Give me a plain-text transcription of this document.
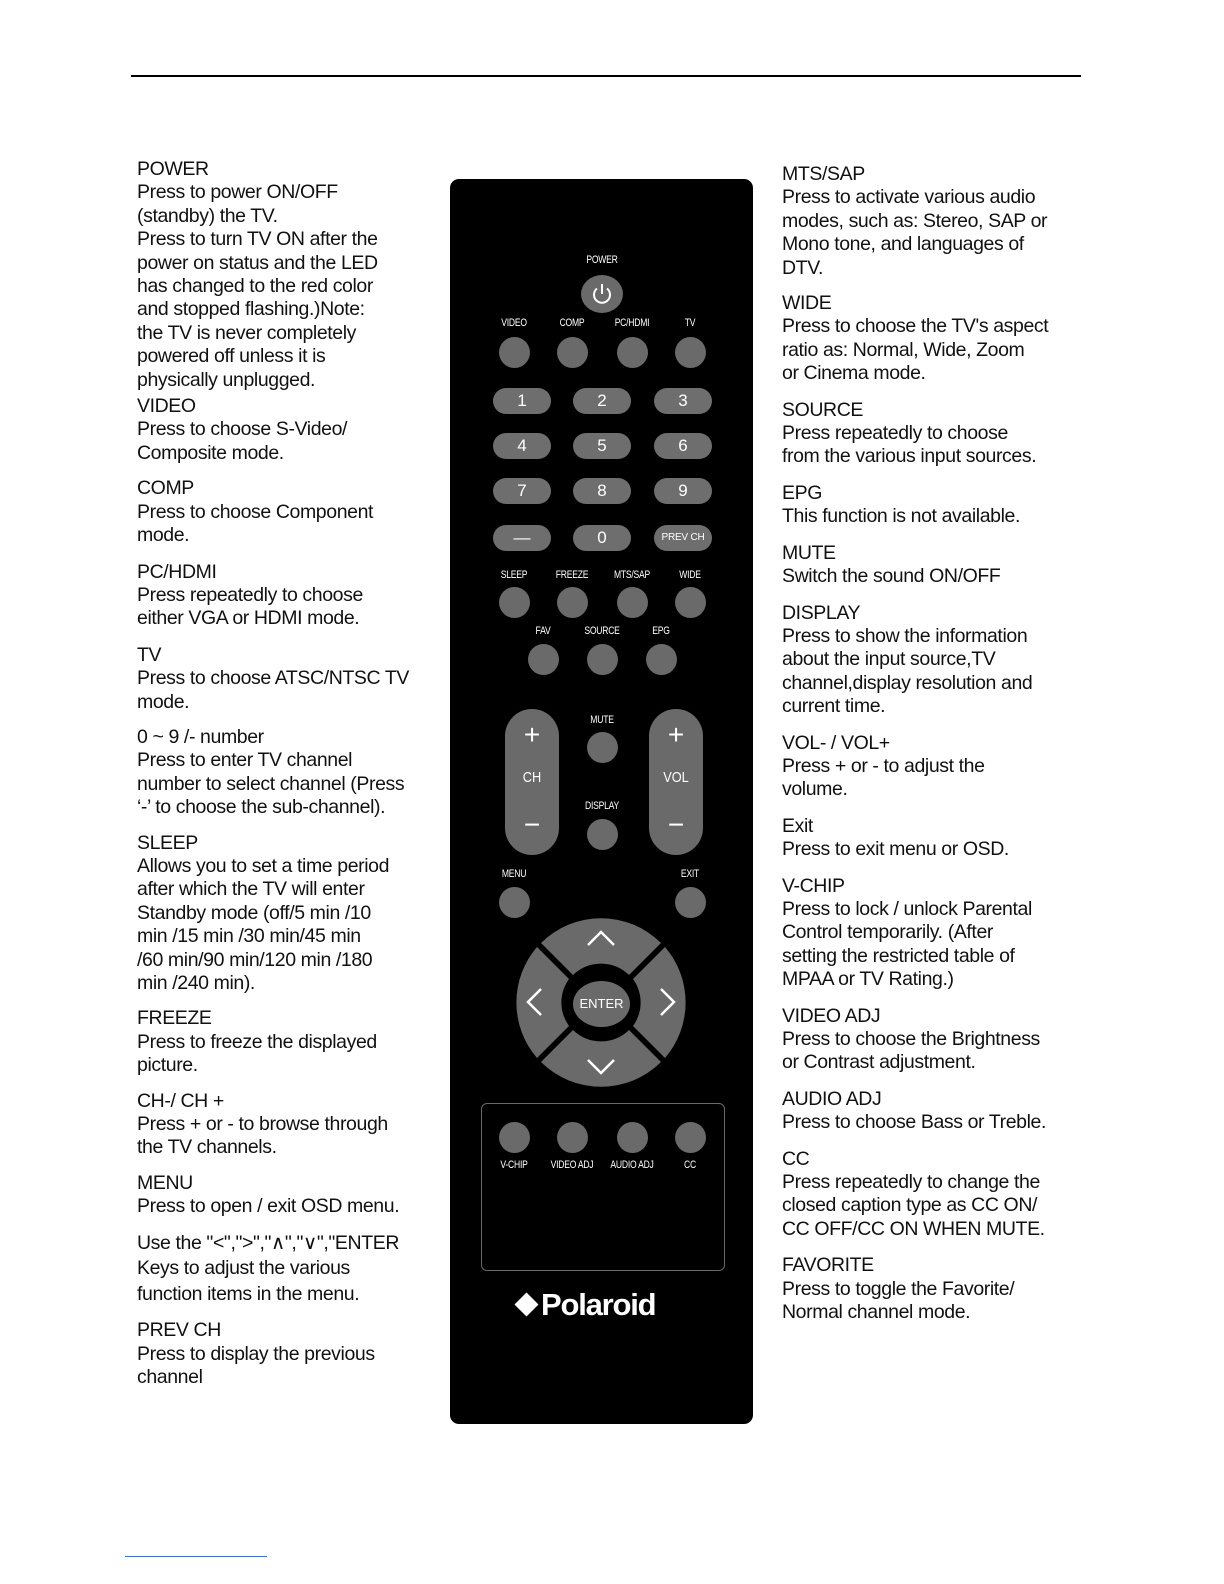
POWER
Press to power ON/OFF
(standby) the TV.
Press to turn TV ON after the
power on status and the LED
has changed to the red color
and stopped flashing.)Note:
the TV is never completely
powered off unless it is
physically unplugged.
VIDEO
Press to choose S-Video/
Composite mode.
COMP
Press to choose Component
mode.
PC/HDMI
Press repeatedly to choose
either VGA or HDMI mode.
TV
Press to choose ATSC/NTSC TV
mode.
0 ~ 9 /- number
Press to enter TV channel
number to select channel (Press
‘-’ to choose the sub-channel).
SLEEP
Allows you to set a time period
after which the TV will enter
Standby mode (off/5 min /10
min /15 min /30 min/45 min
/60 min/90 min/120 min /180
min /240 min).
FREEZE
Press to freeze the displayed
picture.
CH-/ CH +
Press + or - to browse through
the TV channels.
MENU
Press to open / exit OSD menu.
Use the "<",">","∧","∨","ENTER
Keys to adjust the various
function items in the menu.
PREV CH
Press to display the previous
channel
POWER
VIDEO	COMP	PC/HDMI	TV
1	2	3
4	5	6
7	8	9
—	0	PREV CH
SLEEP	FREEZE	MTS/SAP	WIDE
FAV	SOURCE	EPG
+
CH
−
+
VOL
−
MUTE
DISPLAY
MENU	EXIT
ENTER
V-CHIP	VIDEO ADJ	AUDIO ADJ	CC
Polaroid
MTS/SAP
Press to activate various audio
modes, such as: Stereo, SAP or
Mono tone, and languages of
DTV.
WIDE
Press to choose the TV's aspect
ratio as: Normal, Wide, Zoom
or Cinema mode.
SOURCE
Press repeatedly to choose
from the various input sources.
EPG
This function is not available.
MUTE
Switch the sound ON/OFF
DISPLAY
Press to show the information
about the input source,TV
channel,display resolution and
current time.
VOL- / VOL+
Press + or - to adjust the
volume.
Exit
Press to exit menu or OSD.
V-CHIP
Press to lock / unlock Parental
Control temporarily. (After
setting the restricted table of
MPAA or TV Rating.)
VIDEO ADJ
Press to choose the Brightness
or Contrast adjustment.
AUDIO ADJ
Press to choose Bass or Treble.
CC
Press repeatedly to change the
closed caption type as CC ON/
CC OFF/CC ON WHEN MUTE.
FAVORITE
Press to toggle the Favorite/
Normal channel mode.
